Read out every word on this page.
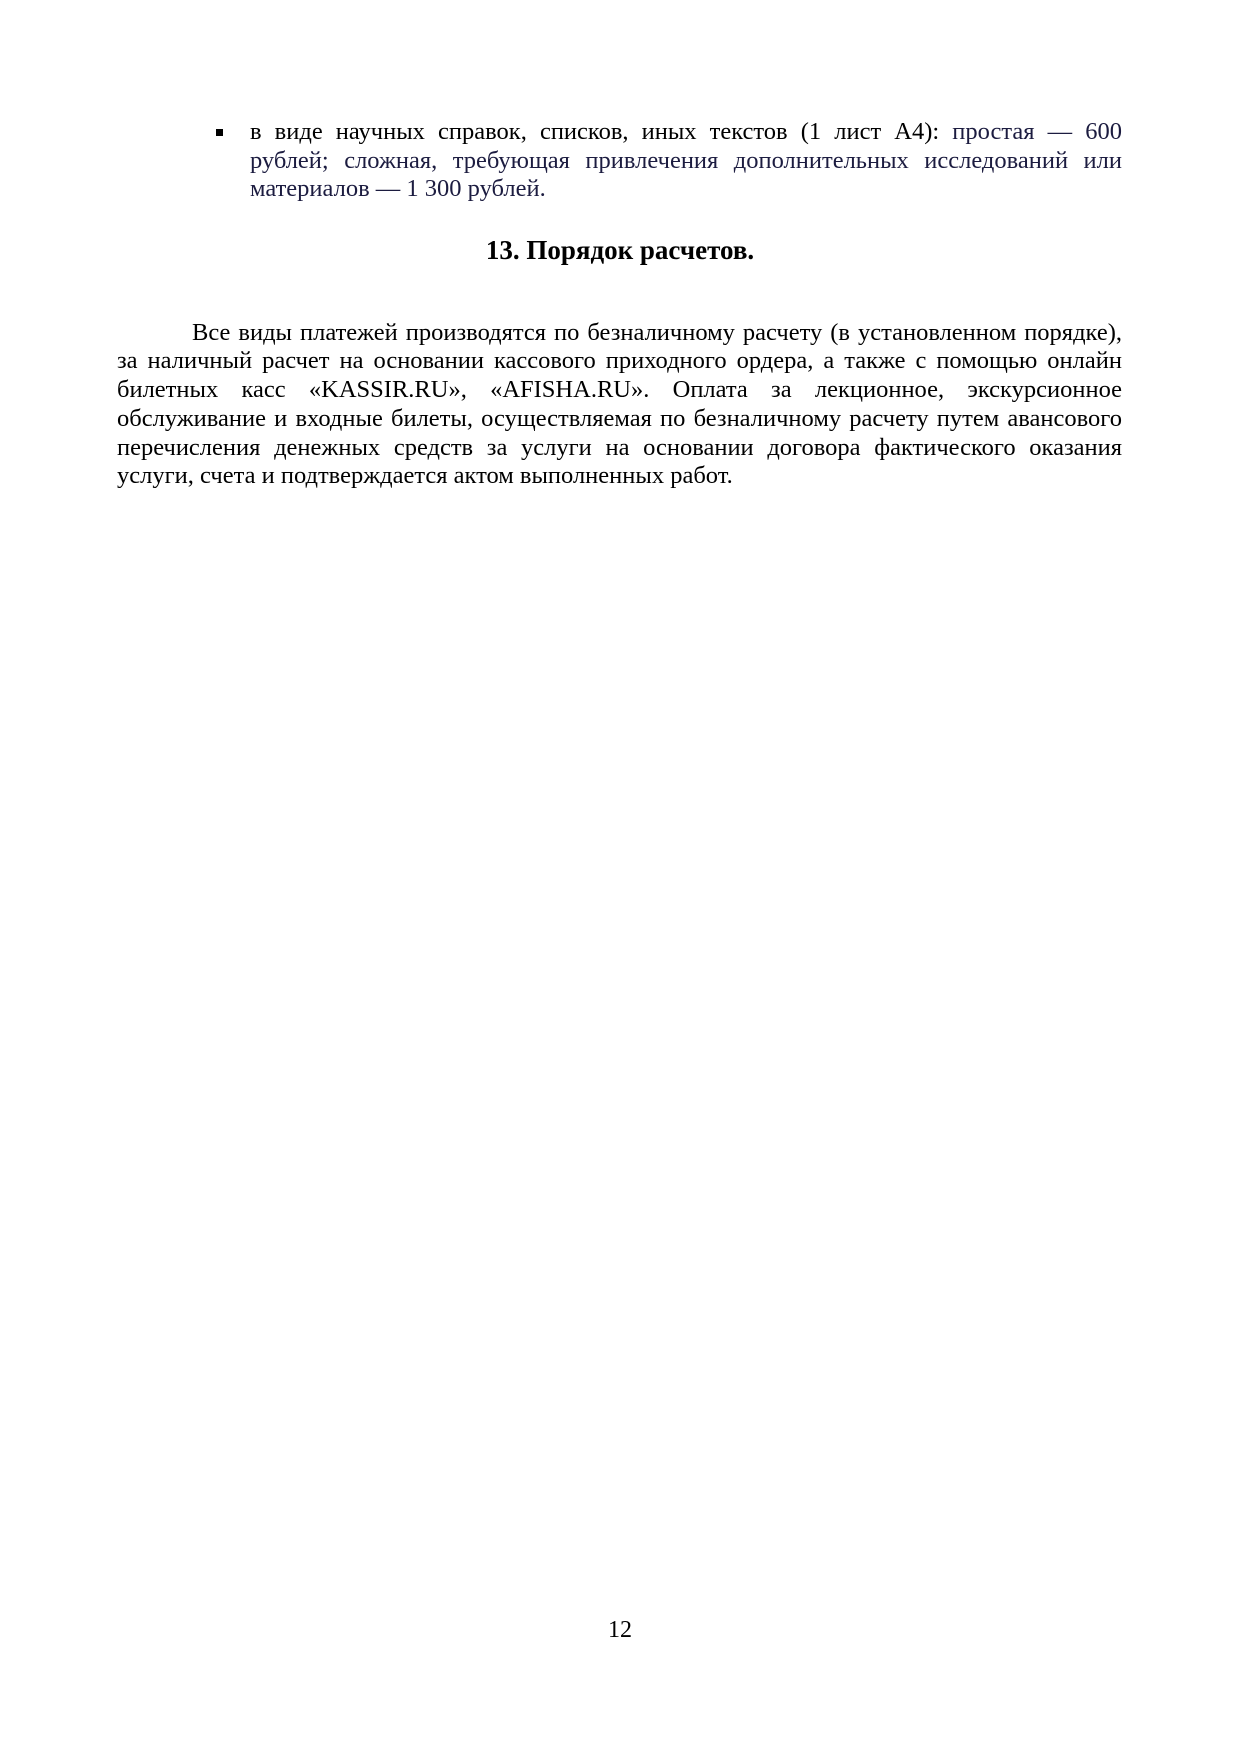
в виде научных справок, списков, иных текстов (1 лист А4): простая — 600 рублей; сложная, требующая привлечения дополнительных исследований или материалов — 1 300 рублей.
13. Порядок расчетов.

Все виды платежей производятся по безналичному расчету (в установленном порядке), за наличный расчет на основании кассового приходного ордера, а также с помощью онлайн билетных касс «KASSIR.RU», «AFISHA.RU». Оплата за лекционное, экскурсионное обслуживание и входные билеты, осуществляемая по безналичному расчету путем авансового перечисления денежных средств за услуги на основании договора фактического оказания услуги, счета и подтверждается актом выполненных работ.

12
